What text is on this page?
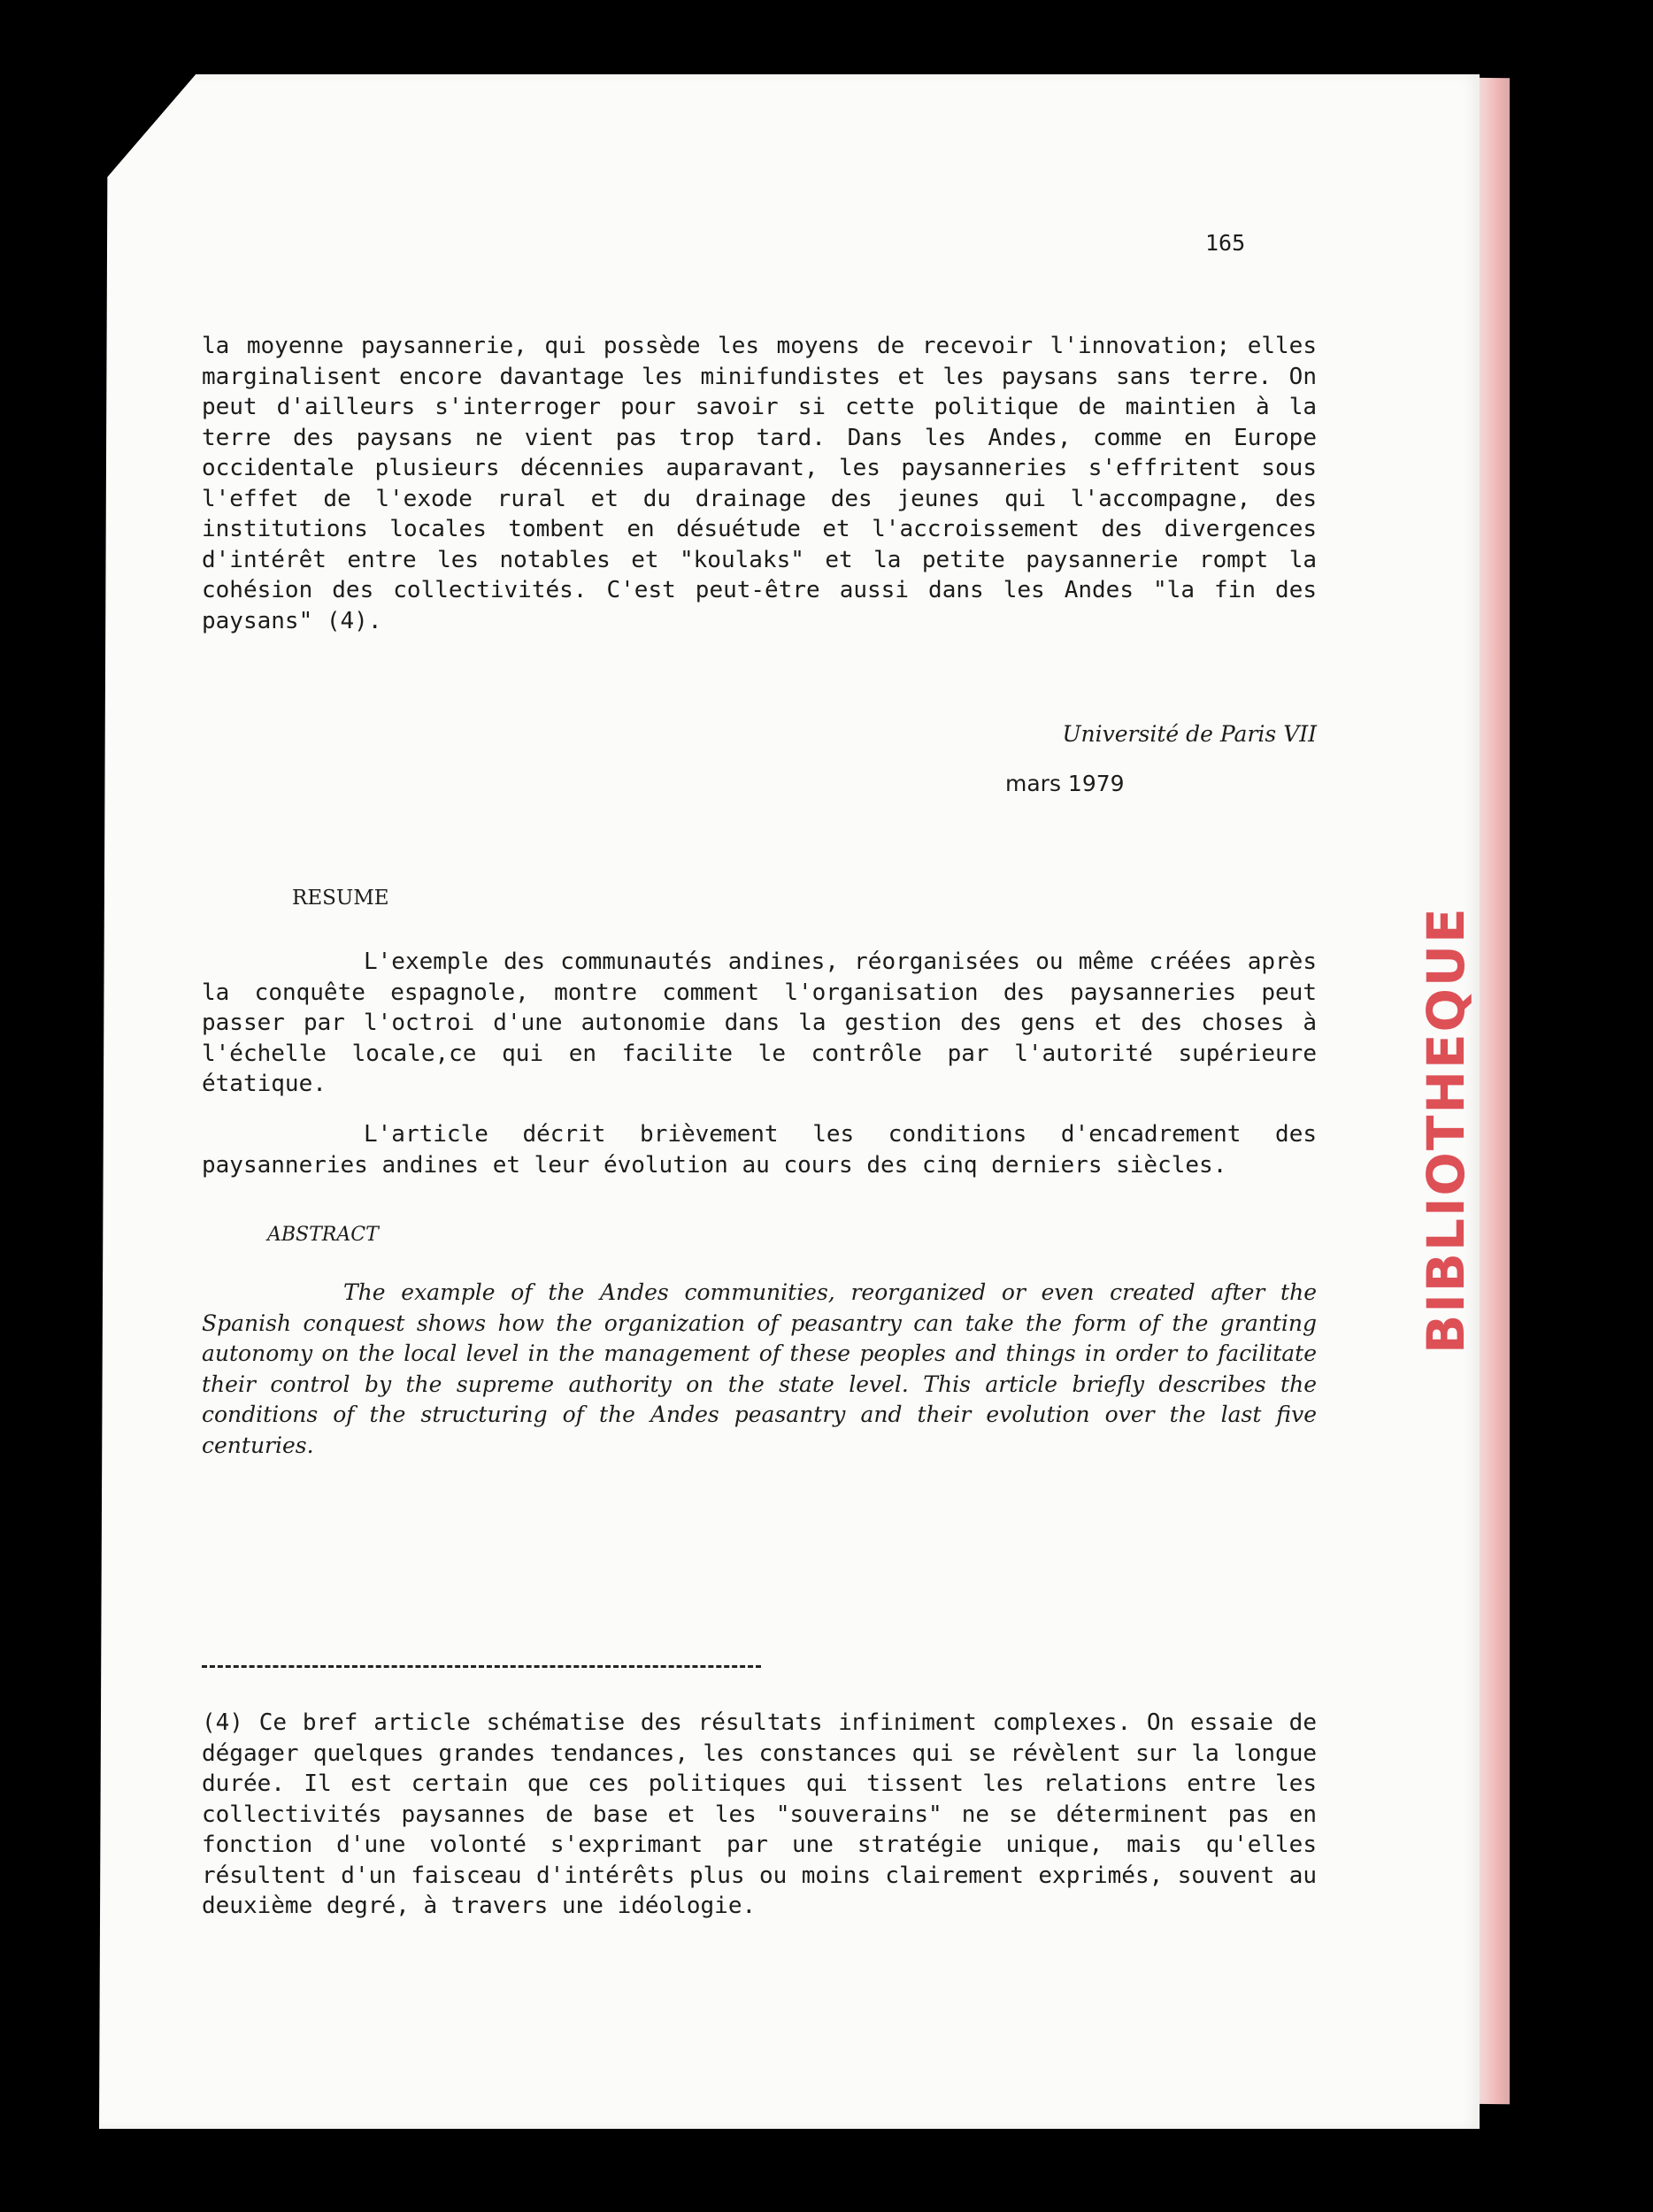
165

la moyenne paysannerie, qui possède les moyens de recevoir l'innovation; elles marginalisent encore davantage les minifundistes et les paysans sans terre. On peut d'ailleurs s'interroger pour savoir si cette politique de maintien à la terre des paysans ne vient pas trop tard. Dans les Andes, comme en Europe occidentale plusieurs décennies auparavant, les paysanneries s'effritent sous l'effet de l'exode rural et du drainage des jeunes qui l'accompagne, des institutions locales tombent en désuétude et l'accroissement des divergences d'intérêt entre les notables et "koulaks" et la petite paysannerie rompt la cohésion des collectivités. C'est peut-être aussi dans les Andes "la fin des paysans" (4).

Université de Paris VII
mars 1979
RESUME

L'exemple des communautés andines, réorganisées ou même créées après la conquête espagnole, montre comment l'organisation des paysanneries peut passer par l'octroi d'une autonomie dans la gestion des gens et des choses à l'échelle locale,ce qui en facilite le contrôle par l'autorité supérieure étatique.

L'article décrit brièvement les conditions d'encadrement des paysanneries andines et leur évolution au cours des cinq derniers siècles.

ABSTRACT

The example of the Andes communities, reorganized or even created after the Spanish conquest shows how the organization of peasantry can take the form of the granting autonomy on the local level in the management of these peoples and things in order to facilitate their control by the supreme authority on the state level. This article briefly describes the conditions of the structuring of the Andes peasantry and their evolution over the last five centuries.

(4) Ce bref article schématise des résultats infiniment complexes. On essaie de dégager quelques grandes tendances, les constances qui se révèlent sur la longue durée. Il est certain que ces politiques qui tissent les relations entre les collectivités paysannes de base et les "souverains" ne se déterminent pas en fonction d'une volonté s'exprimant par une stratégie unique, mais qu'elles résultent d'un faisceau d'intérêts plus ou moins clairement exprimés, souvent au deuxième degré, à travers une idéologie.

BIBLIOTHEQUE
